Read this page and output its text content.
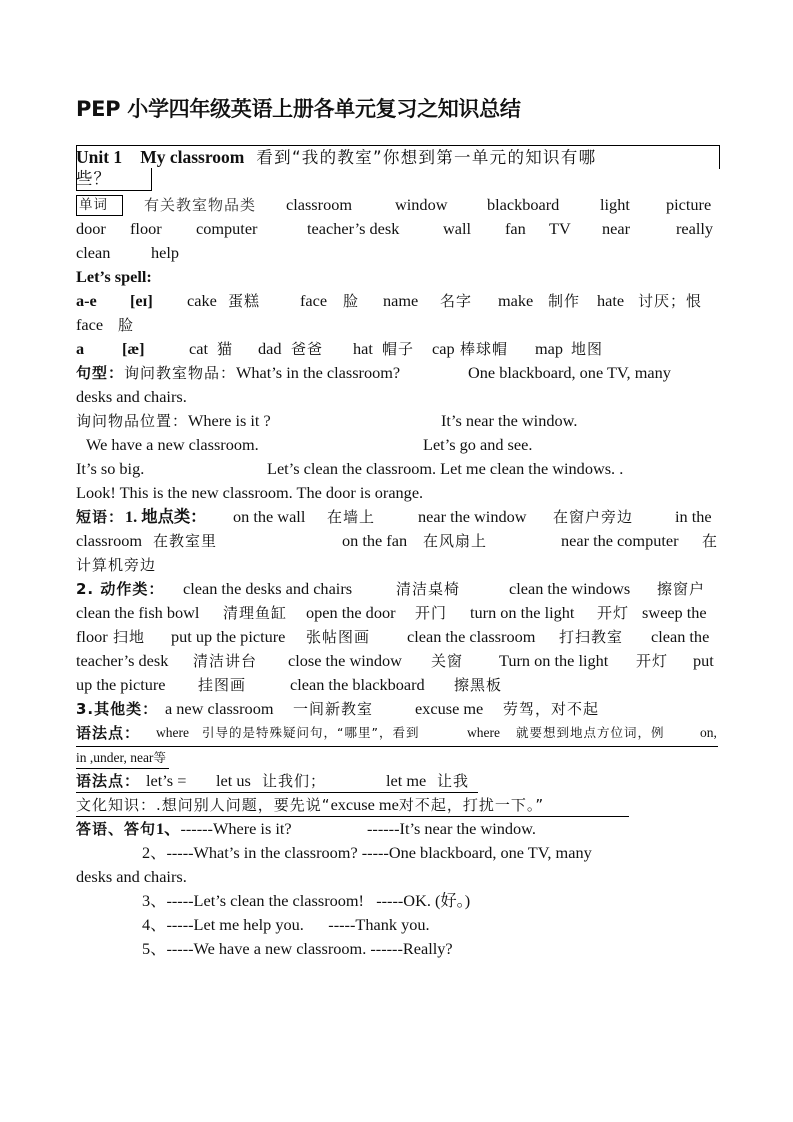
PEP 小学四年级英语上册各单元复习之知识总结
Unit 1 My classroom 看到“我的教室”你想到第一单元的知识有哪
些？
单词 有关教室物品类 classroom	window blackboard light picture
door floor computer	teacher’s desk	wall fan TV near	really
clean help
Let’s spell:
a-e [eɪ] cake 蛋糕 face 脸 name 名字 make 制作 hate 讨厌；恨
face 脸
a [æ]	cat 猫 dad 爸爸 hat 帽子 cap 棒球帽 map 地图
句型：询问教室物品：What’s in the classroom?	One blackboard, one TV, many
desks and chairs.
询问物品位置：Where is it ?	It’s near the window.
We have a new classroom.	Let’s go and see.
It’s so big.	Let’s clean the classroom. Let me clean the windows. .
Look! This is the new classroom. The door is orange.
短语： 1. 地点类： on the wall 在墙上	near the window 在窗户旁边	in the
classroom 在教室里	on the fan 在风扇上	near the computer 在
计算机旁边
2. 动作类： clean the desks and chairs	清洁桌椅	clean the windows 擦窗户
clean the fish bowl 清理鱼缸 open the door 开门 turn on the light 开灯 sweep the
floor 扫地 put up the picture 张帖图画 clean the classroom 打扫教室 clean the
teacher’s desk 清洁讲台 close the window 关窗 Turn on the light 开灯 put
up the picture 挂图画	clean the blackboard 擦黑板
3.其他类： a new classroom 一间新教室	excuse me 劳驾，对不起
语法点： where 引导的是特殊疑问句，“哪里”，看到	where 就要想到地点方位词，例	on,
in ,under, near等
语法点： let’s = let us 让我们；	let me 让我
文化知识：.想问别人问题，要先说“excuse me对不起，打扰一下。”
答语、答句1、------Where is it?	------It’s near the window.
2、-----What’s in the classroom? -----One blackboard, one TV, many
desks and chairs.
3、-----Let’s clean the classroom! -----OK. (好。)
4、-----Let me help you. -----Thank you.
5、-----We have a new classroom. ------Really?
